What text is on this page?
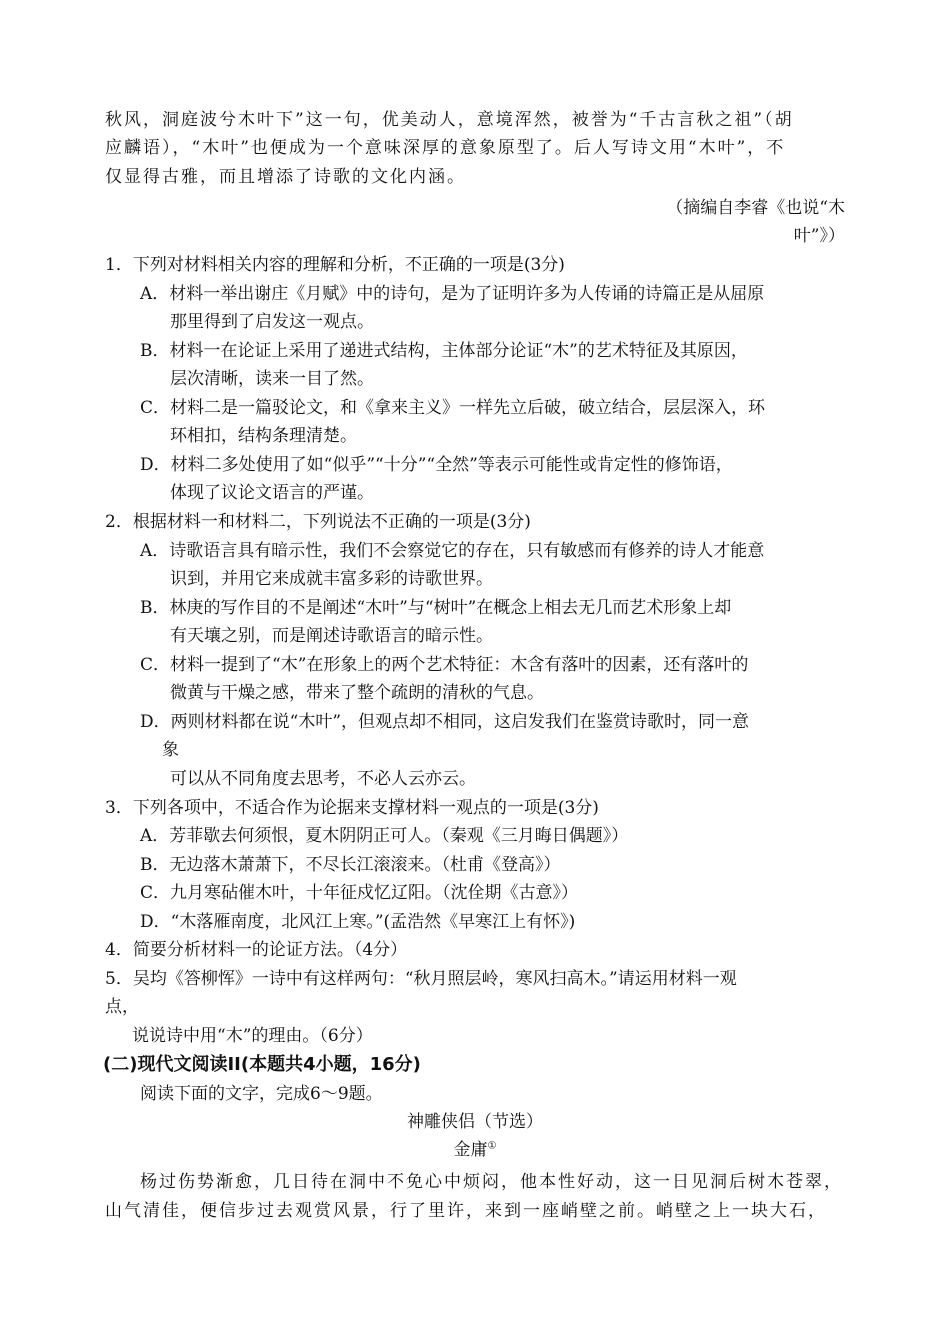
秋风，洞庭波兮木叶下”这一句，优美动人，意境浑然，被誉为“千古言秋之祖”（胡
应麟语），“木叶”也便成为一个意味深厚的意象原型了。后人写诗文用“木叶”，不
仅显得古雅，而且增添了诗歌的文化内涵。
（摘编自李睿《也说“木
叶”》）
1．下列对材料相关内容的理解和分析，不正确的一项是(3分)
A．材料一举出谢庄《月赋》中的诗句，是为了证明许多为人传诵的诗篇正是从屈原
那里得到了启发这一观点。
B．材料一在论证上采用了递进式结构，主体部分论证“木”的艺术特征及其原因，
层次清晰，读来一目了然。
C．材料二是一篇驳论文，和《拿来主义》一样先立后破，破立结合，层层深入，环
环相扣，结构条理清楚。
D．材料二多处使用了如“似乎”“十分”“全然”等表示可能性或肯定性的修饰语，
体现了议论文语言的严谨。
2．根据材料一和材料二，下列说法不正确的一项是(3分)
A．诗歌语言具有暗示性，我们不会察觉它的存在，只有敏感而有修养的诗人才能意
识到，并用它来成就丰富多彩的诗歌世界。
B．林庚的写作目的不是阐述“木叶”与“树叶”在概念上相去无几而艺术形象上却
有天壤之别，而是阐述诗歌语言的暗示性。
C．材料一提到了“木”在形象上的两个艺术特征：木含有落叶的因素，还有落叶的
微黄与干燥之感，带来了整个疏朗的清秋的气息。
D．两则材料都在说“木叶”，但观点却不相同，这启发我们在鉴赏诗歌时，同一意
象
可以从不同角度去思考，不必人云亦云。
3．下列各项中，不适合作为论据来支撑材料一观点的一项是(3分)
A．芳菲歇去何须恨，夏木阴阴正可人。（秦观《三月晦日偶题》）
B．无边落木萧萧下，不尽长江滚滚来。（杜甫《登高》）
C．九月寒砧催木叶，十年征戍忆辽阳。（沈佺期《古意》）
D．“木落雁南度，北风江上寒。”(孟浩然《早寒江上有怀》)
4．简要分析材料一的论证方法。（4分）
5．吴均《答柳恽》一诗中有这样两句：“秋月照层岭，寒风扫高木。”请运用材料一观
点，
说说诗中用“木”的理由。（6分）
(二)现代文阅读II(本题共4小题，16分)
阅读下面的文字，完成6～9题。
神雕侠侣（节选）
金庸①
杨过伤势渐愈，几日待在洞中不免心中烦闷，他本性好动，这一日见洞后树木苍翠，
山气清佳，便信步过去观赏风景，行了里许，来到一座峭壁之前。峭壁之上一块大石，
